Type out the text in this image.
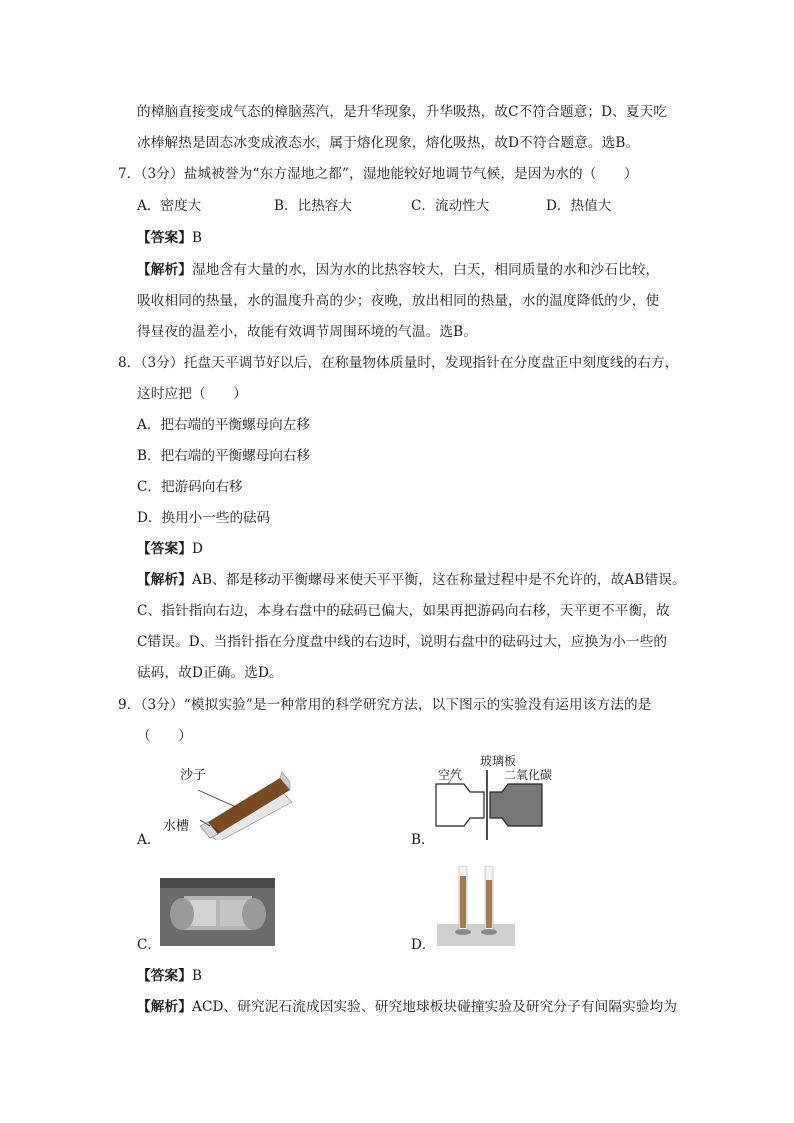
的樟脑直接变成气态的樟脑蒸汽，是升华现象，升华吸热，故C不符合题意；D、夏天吃
冰棒解热是固态冰变成液态水，属于熔化现象，熔化吸热，故D不符合题意。选B。
7．（3分）盐城被誉为“东方湿地之都”，湿地能较好地调节气候，是因为水的（　　）
A．密度大	B．比热容大	C．流动性大	D．热值大
【答案】B
【解析】湿地含有大量的水，因为水的比热容较大，白天，相同质量的水和沙石比较，
吸收相同的热量，水的温度升高的少；夜晚，放出相同的热量，水的温度降低的少，使
得昼夜的温差小，故能有效调节周围环境的气温。选B。
8．（3分）托盘天平调节好以后，在称量物体质量时，发现指针在分度盘正中刻度线的右方，
这时应把（　　）
A．把右端的平衡螺母向左移
B．把右端的平衡螺母向右移
C．把游码向右移
D．换用小一些的砝码
【答案】D
【解析】AB、都是移动平衡螺母来使天平平衡，这在称量过程中是不允许的，故AB错误。
C、指针指向右边，本身右盘中的砝码已偏大，如果再把游码向右移，天平更不平衡，故
C错误。D、当指针指在分度盘中线的右边时，说明右盘中的砝码过大，应换为小一些的
砝码，故D正确。选D。
9．（3分）“模拟实验”是一种常用的科学研究方法，以下图示的实验没有运用该方法的是
（　　）
沙子
水槽
A．
玻璃板
空气	二氧化碳
B．
C．	D．
【答案】B
【解析】ACD、研究泥石流成因实验、研究地球板块碰撞实验及研究分子有间隔实验均为
